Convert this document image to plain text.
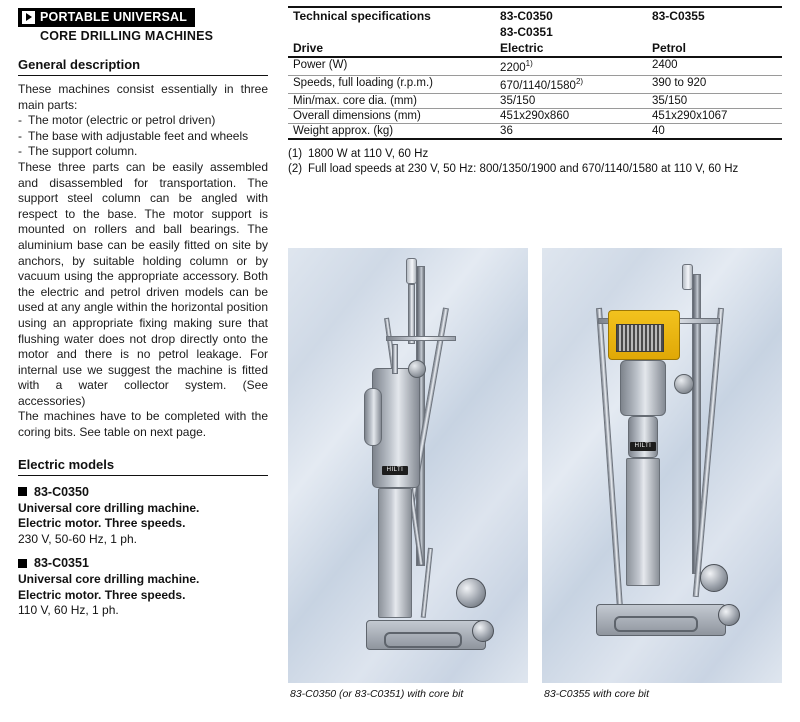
PORTABLE UNIVERSAL
CORE DRILLING MACHINES
General description

These machines consist essentially in three main parts:

- The motor (electric or petrol driven)
- The base with adjustable feet and wheels
- The support column.

These three parts can be easily assembled and disassembled for transportation. The support steel column can be angled with respect to the base. The motor support is mounted on rollers and ball bearings. The aluminium base can be easily fitted on site by anchors, by suitable holding column or by vacuum using the appropriate accessory. Both the electric and petrol driven models can be used at any angle within the horizontal position using an appropriate fixing making sure that flushing water does not drop directly onto the motor and there is no petrol leakage. For internal use we suggest the machine is fitted with a water collector system. (See accessories)

The machines have to be completed with the coring bits. See table on next page.

Electric models
83-C0350
Universal core drilling machine.
Electric motor. Three speeds.
230 V, 50-60 Hz, 1 ph.
83-C0351
Universal core drilling machine.
Electric motor. Three speeds.
110 V, 60 Hz, 1 ph.
Technical specifications	83-C0350	83-C0355
	83-C0351	
Drive	Electric	Petrol
Power (W)	2200$^{1)}$	2400
Speeds, full loading (r.p.m.)	670/1140/1580$^{2)}$	390 to 920
Min/max. core dia. (mm)	35/150	35/150
Overall dimensions (mm)	451x290x860	451x290x1067
Weight approx. (kg)	36	40
(1) 1800 W at 110 V, 60 Hz
(2) Full load speeds at 230 V, 50 Hz: 800/1350/1900 and 670/1140/1580 at 110 V, 60 Hz
HILTI
83-C0350 (or 83-C0351) with core bit
HILTI
83-C0355 with core bit
